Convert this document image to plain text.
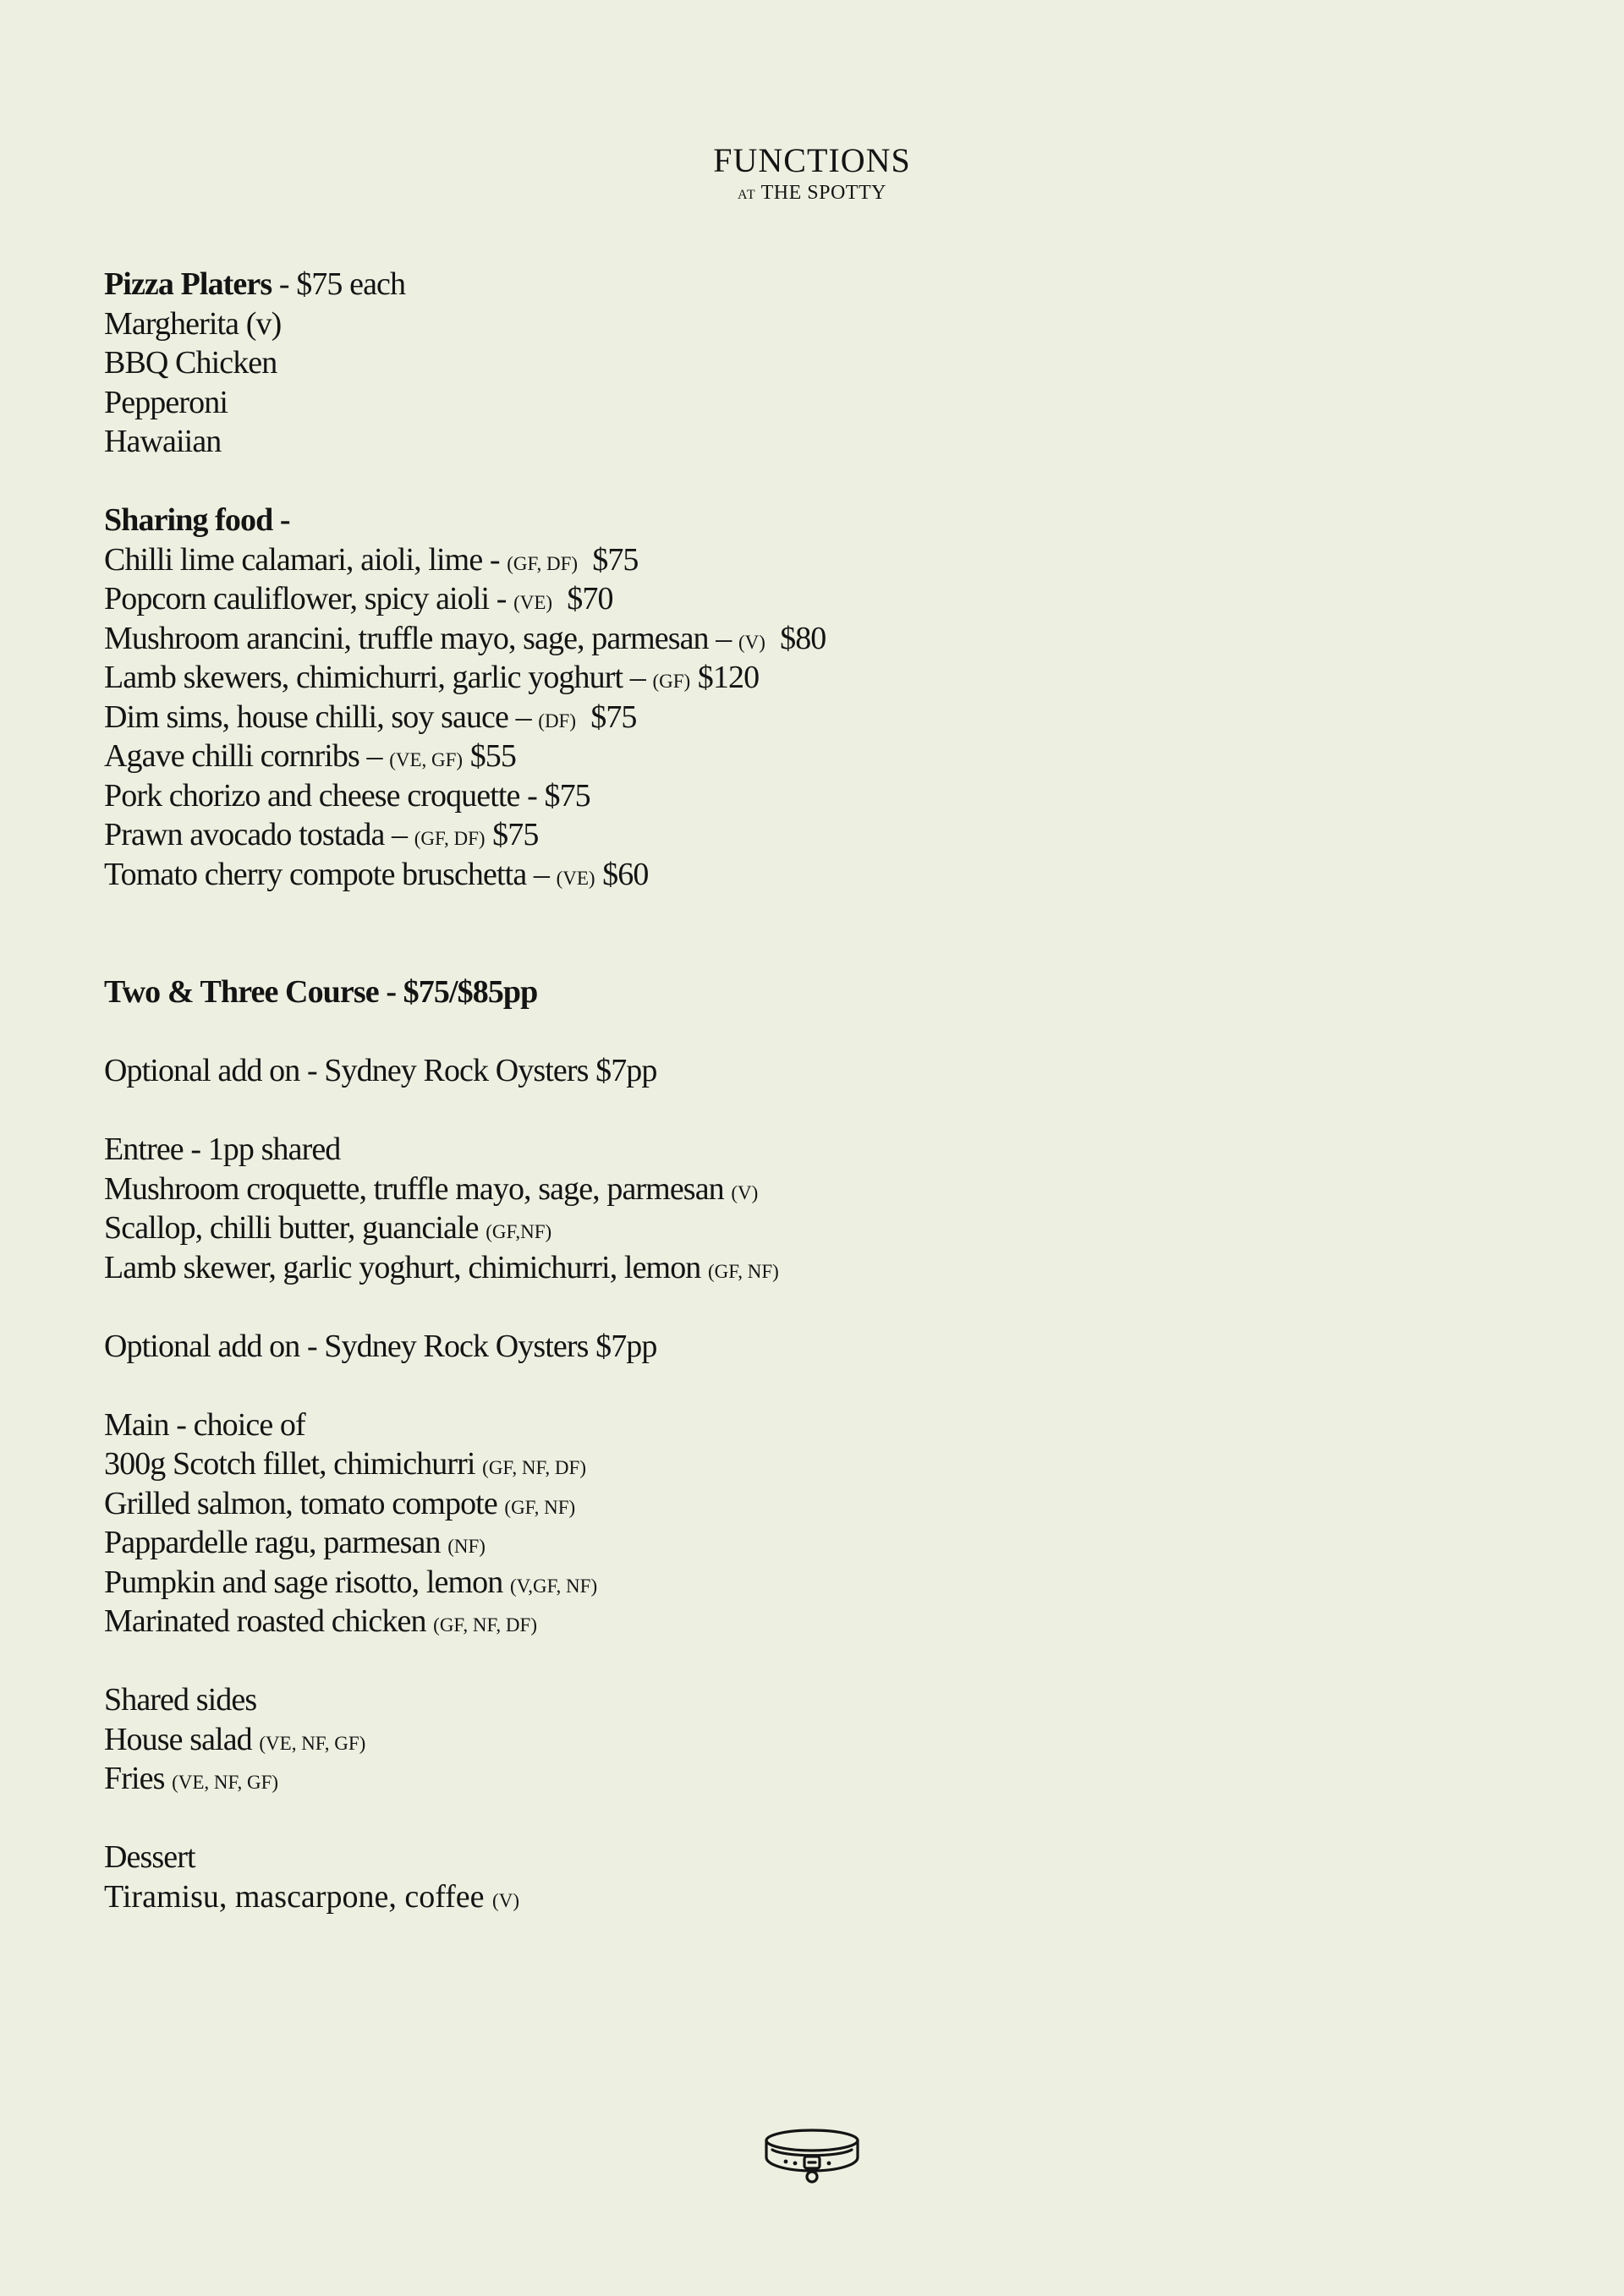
FUNCTIONS
AT THE SPOTTY
Pizza Platers - $75 each
Margherita (v)
BBQ Chicken
Pepperoni
Hawaiian
Sharing food -
Chilli lime calamari, aioli, lime - (GF, DF)  $75
Popcorn cauliflower, spicy aioli - (VE)  $70
Mushroom arancini, truffle mayo, sage, parmesan – (V)  $80
Lamb skewers, chimichurri, garlic yoghurt – (GF) $120
Dim sims, house chilli, soy sauce – (DF)  $75
Agave chilli cornribs – (VE, GF) $55
Pork chorizo and cheese croquette - $75
Prawn avocado tostada – (GF, DF) $75
Tomato cherry compote bruschetta – (VE) $60
Two & Three Course - $75/$85pp
Optional add on - Sydney Rock Oysters $7pp
Entree - 1pp shared
Mushroom croquette, truffle mayo, sage, parmesan (V)
Scallop, chilli butter, guanciale (GF,NF)
Lamb skewer, garlic yoghurt, chimichurri, lemon (GF, NF)
Optional add on - Sydney Rock Oysters $7pp
Main - choice of
300g Scotch fillet, chimichurri (GF, NF, DF)
Grilled salmon, tomato compote (GF, NF)
Pappardelle ragu, parmesan (NF)
Pumpkin and sage risotto, lemon (V,GF, NF)
Marinated roasted chicken (GF, NF, DF)
Shared sides
House salad (VE, NF, GF)
Fries (VE, NF, GF)
Dessert
Tiramisu, mascarpone, coffee (V)
